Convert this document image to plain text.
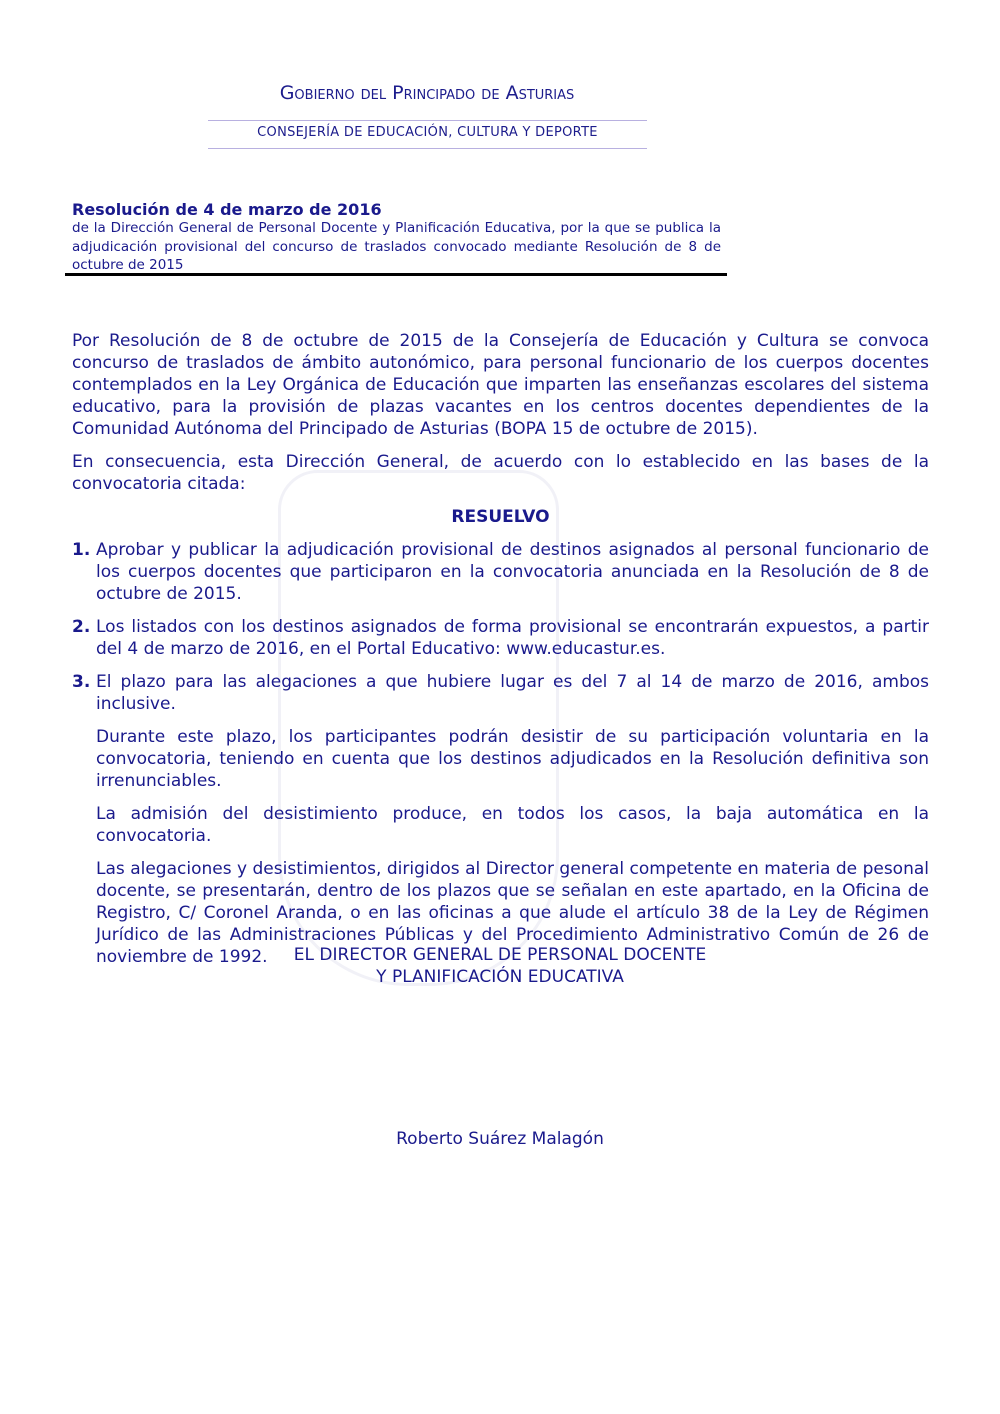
Gobierno del Principado de Asturias
CONSEJERÍA DE EDUCACIÓN, CULTURA Y DEPORTE
Resolución de 4 de marzo de 2016
de la Dirección General de Personal Docente y Planificación Educativa, por la que se publica la adjudicación provisional del concurso de traslados convocado mediante Resolución de 8 de octubre de 2015

Por Resolución de 8 de octubre de 2015 de la Consejería de Educación y Cultura se convoca concurso de traslados de ámbito autonómico, para personal funcionario de los cuerpos docentes contemplados en la Ley Orgánica de Educación que imparten las enseñanzas escolares del sistema educativo, para la provisión de plazas vacantes en los centros docentes dependientes de la Comunidad Autónoma del Principado de Asturias (BOPA 15 de octubre de 2015).

En consecuencia, esta Dirección General, de acuerdo con lo establecido en las bases de la convocatoria citada:

RESUELVO

1. Aprobar y publicar la adjudicación provisional de destinos asignados al personal funcionario de los cuerpos docentes que participaron en la convocatoria anunciada en la Resolución de 8 de octubre de 2015.
2. Los listados con los destinos asignados de forma provisional se encontrarán expuestos, a partir del 4 de marzo de 2016, en el Portal Educativo: www.educastur.es.
3. El plazo para las alegaciones a que hubiere lugar es del 7 al 14 de marzo de 2016, ambos inclusive.

Durante este plazo, los participantes podrán desistir de su participación voluntaria en la convocatoria, teniendo en cuenta que los destinos adjudicados en la Resolución definitiva son irrenunciables.

La admisión del desistimiento produce, en todos los casos, la baja automática en la convocatoria.

Las alegaciones y desistimientos, dirigidos al Director general competente en materia de pesonal docente, se presentarán, dentro de los plazos que se señalan en este apartado, en la Oficina de Registro, C/ Coronel Aranda, o en las oficinas a que alude el artículo 38 de la Ley de Régimen Jurídico de las Administraciones Públicas y del Procedimiento Administrativo Común de 26 de noviembre de 1992.	EL DIRECTOR GENERAL DE PERSONAL DOCENTE
Y PLANIFICACIÓN EDUCATIVA
Roberto Suárez Malagón
